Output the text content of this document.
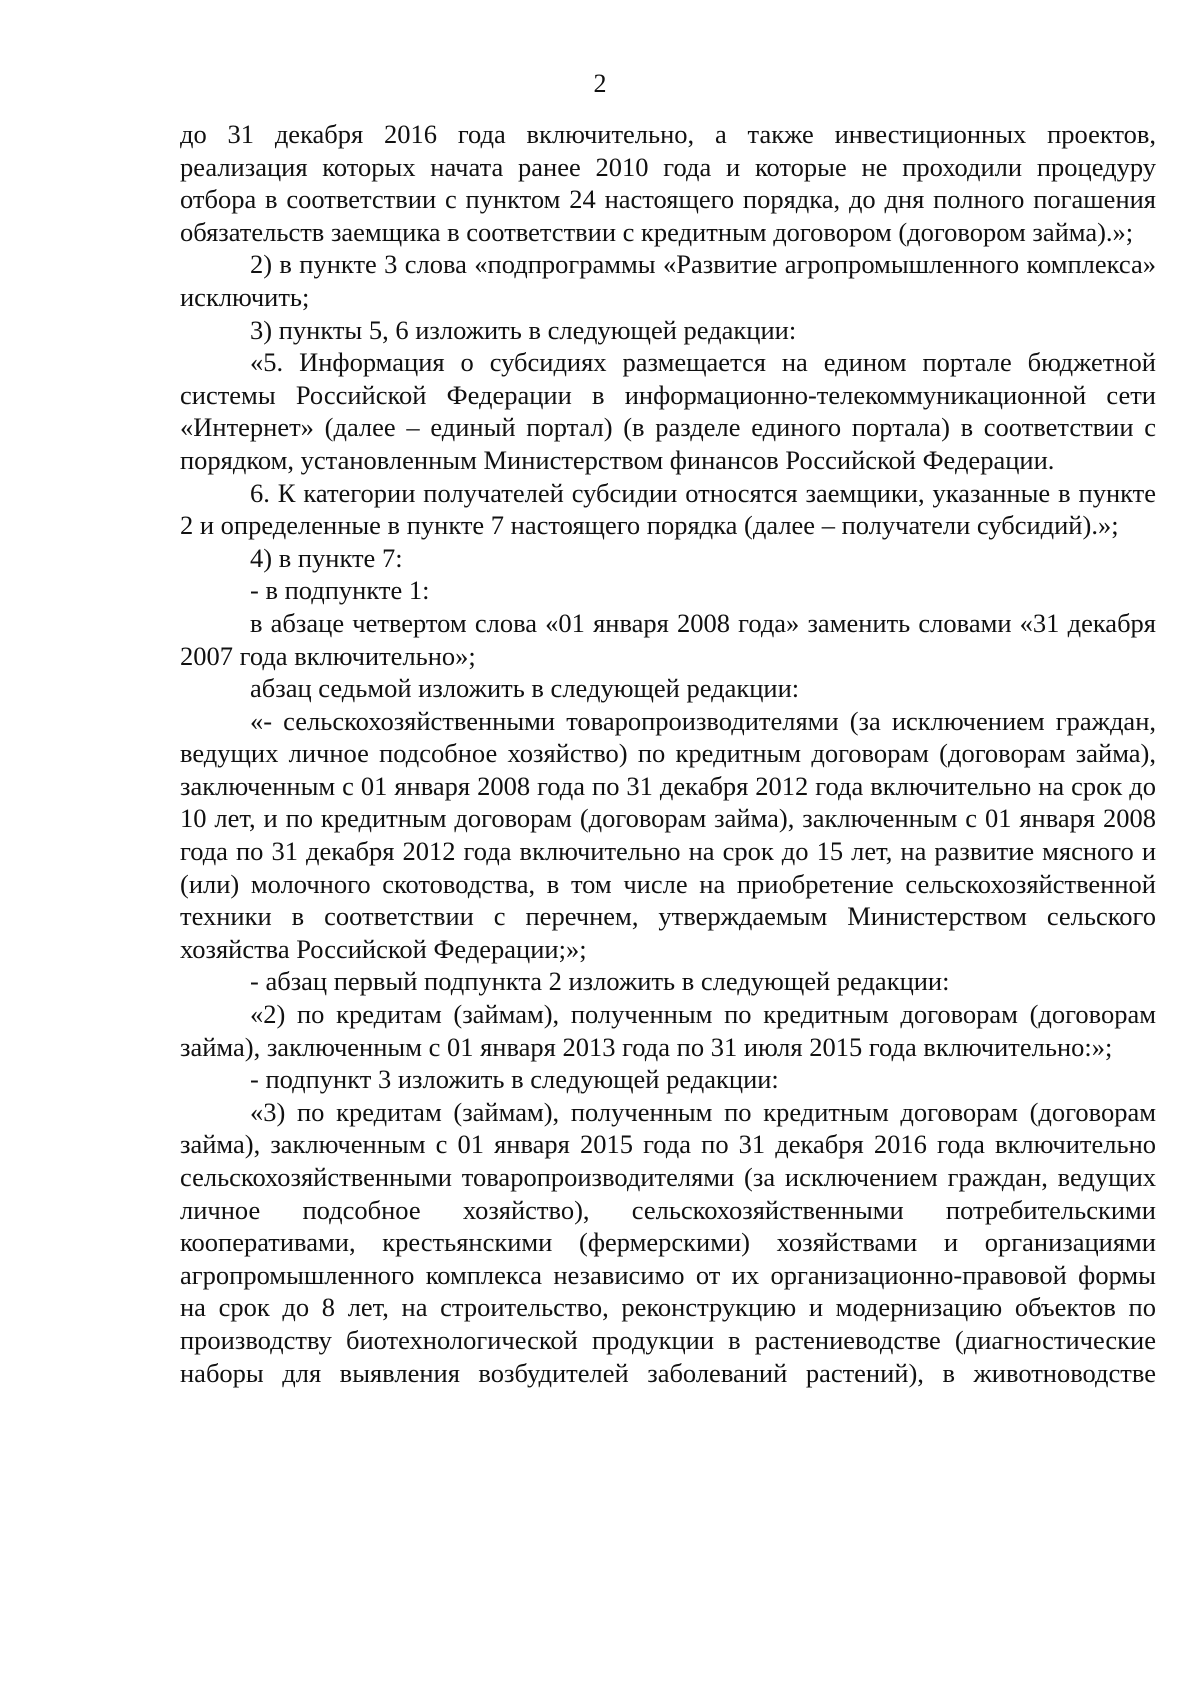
2

до 31 декабря 2016 года включительно, а также инвестиционных проектов, реализация которых начата ранее 2010 года и которые не проходили процедуру отбора в соответствии с пунктом 24 настоящего порядка, до дня полного погашения обязательств заемщика в соответствии с кредитным договором (договором займа).»;

2) в пункте 3 слова «подпрограммы «Развитие агропромышленного комплекса» исключить;

3) пункты 5, 6 изложить в следующей редакции:

«5. Информация о субсидиях размещается на едином портале бюджетной системы Российской Федерации в информационно-телекоммуникационной сети «Интернет» (далее – единый портал) (в разделе единого портала) в соответствии с порядком, установленным Министерством финансов Российской Федерации.

6. К категории получателей субсидии относятся заемщики, указанные в пункте 2 и определенные в пункте 7 настоящего порядка (далее – получатели субсидий).»;

4) в пункте 7:

- в подпункте 1:

в абзаце четвертом слова «01 января 2008 года» заменить словами «31 декабря 2007 года включительно»;

абзац седьмой изложить в следующей редакции:

«- сельскохозяйственными товаропроизводителями (за исключением граждан, ведущих личное подсобное хозяйство) по кредитным договорам (договорам займа), заключенным с 01 января 2008 года по 31 декабря 2012 года включительно на срок до 10 лет, и по кредитным договорам (договорам займа), заключенным с 01 января 2008 года по 31 декабря 2012 года включительно на срок до 15 лет, на развитие мясного и (или) молочного скотоводства, в том числе на приобретение сельскохозяйственной техники в соответствии с перечнем, утверждаемым Министерством сельского хозяйства Российской Федерации;»;

- абзац первый подпункта 2 изложить в следующей редакции:

«2) по кредитам (займам), полученным по кредитным договорам (договорам займа), заключенным с 01 января 2013 года по 31 июля 2015 года включительно:»;

- подпункт 3 изложить в следующей редакции:

«3) по кредитам (займам), полученным по кредитным договорам (договорам займа), заключенным с 01 января 2015 года по 31 декабря 2016 года включительно сельскохозяйственными товаропроизводителями (за исключением граждан, ведущих личное подсобное хозяйство), сельскохозяйственными потребительскими кооперативами, крестьянскими (фермерскими) хозяйствами и организациями агропромышленного комплекса независимо от их организационно-правовой формы на срок до 8 лет, на строительство, реконструкцию и модернизацию объектов по производству биотехнологической продукции в растениеводстве (диагностические наборы для выявления возбудителей заболеваний растений), в животноводстве
